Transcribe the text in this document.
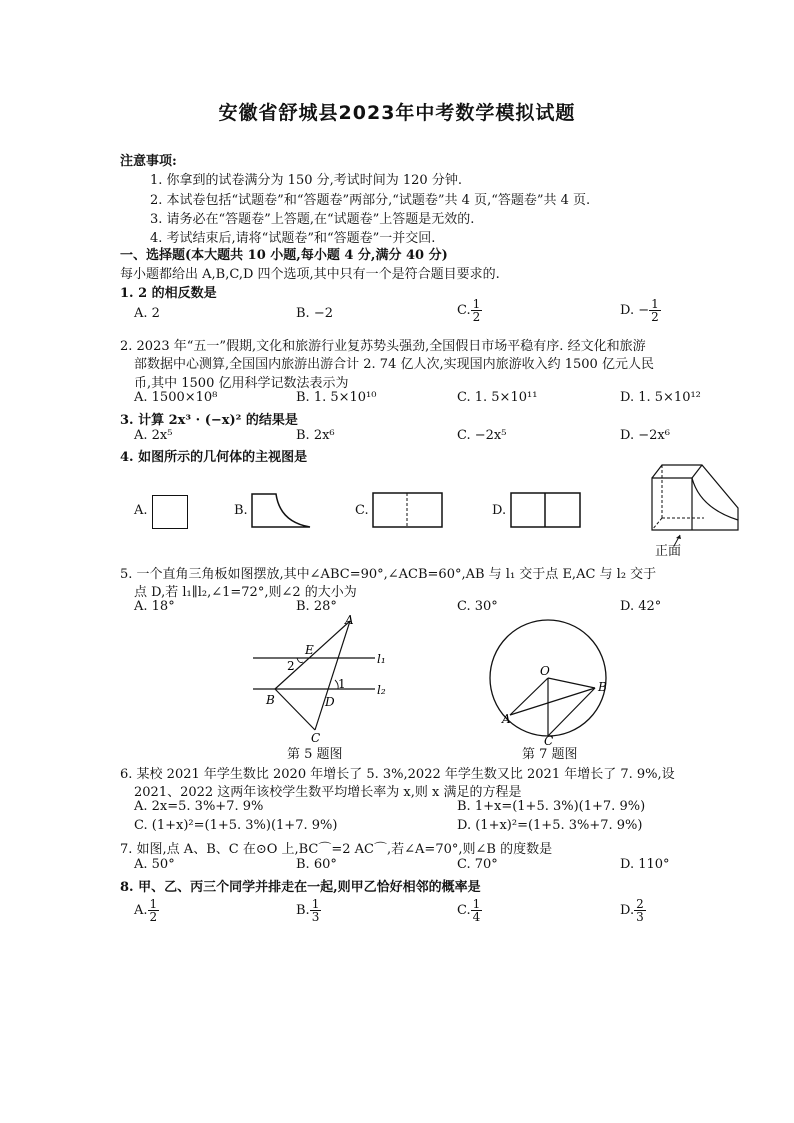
安徽省舒城县2023年中考数学模拟试题
注意事项:
1. 你拿到的试卷满分为 150 分,考试时间为 120 分钟.
2. 本试卷包括“试题卷”和“答题卷”两部分,“试题卷”共 4 页,“答题卷”共 4 页.
3. 请务必在“答题卷”上答题,在“试题卷”上答题是无效的.
4. 考试结束后,请将“试题卷”和“答题卷”一并交回.
一、选择题(本大题共 10 小题,每小题 4 分,满分 40 分)
每小题都给出 A,B,C,D 四个选项,其中只有一个是符合题目要求的.
1. 2 的相反数是
A. 2	B. −2	C. $\frac{1}{2}$	D. − $\frac{1}{2}$
2. 2023 年“五一”假期,文化和旅游行业复苏势头强劲,全国假日市场平稳有序. 经文化和旅游
部数据中心测算,全国国内旅游出游合计 2. 74 亿人次,实现国内旅游收入约 1500 亿元人民
币,其中 1500 亿用科学记数法表示为
A. 1500×10⁸	B. 1. 5×10¹⁰	C. 1. 5×10¹¹	D. 1. 5×10¹²
3. 计算 2x³ · (−x)² 的结果是
A. 2x⁵	B. 2x⁶	C. −2x⁵	D. −2x⁶
4. 如图所示的几何体的主视图是
A.	B.	C.	D.
正面
5. 一个直角三角板如图摆放,其中∠ABC=90°,∠ACB=60°,AB 与 l₁ 交于点 E,AC 与 l₂ 交于
点 D,若 l₁∥l₂,∠1=72°,则∠2 的大小为
A. 18°	B. 28°	C. 30°	D. 42°
A
E
2
1
B	D
C
l₁
l₂
第 5 题图
O
B
A
C
第 7 题图
6. 某校 2021 年学生数比 2020 年增长了 5. 3%,2022 年学生数又比 2021 年增长了 7. 9%,设
2021、2022 这两年该校学生数平均增长率为 x,则 x 满足的方程是
A. 2x=5. 3%+7. 9%	B. 1+x=(1+5. 3%)(1+7. 9%)
C. (1+x)²=(1+5. 3%)(1+7. 9%)	D. (1+x)²=(1+5. 3%+7. 9%)
7. 如图,点 A、B、C 在⊙O 上,BC⌒=2 AC⌒,若∠A=70°,则∠B 的度数是
A. 50°	B. 60°	C. 70°	D. 110°
8. 甲、乙、丙三个同学并排走在一起,则甲乙恰好相邻的概率是
A. $\frac{1}{2}$	B. $\frac{1}{3}$	C. $\frac{1}{4}$	D. $\frac{2}{3}$
